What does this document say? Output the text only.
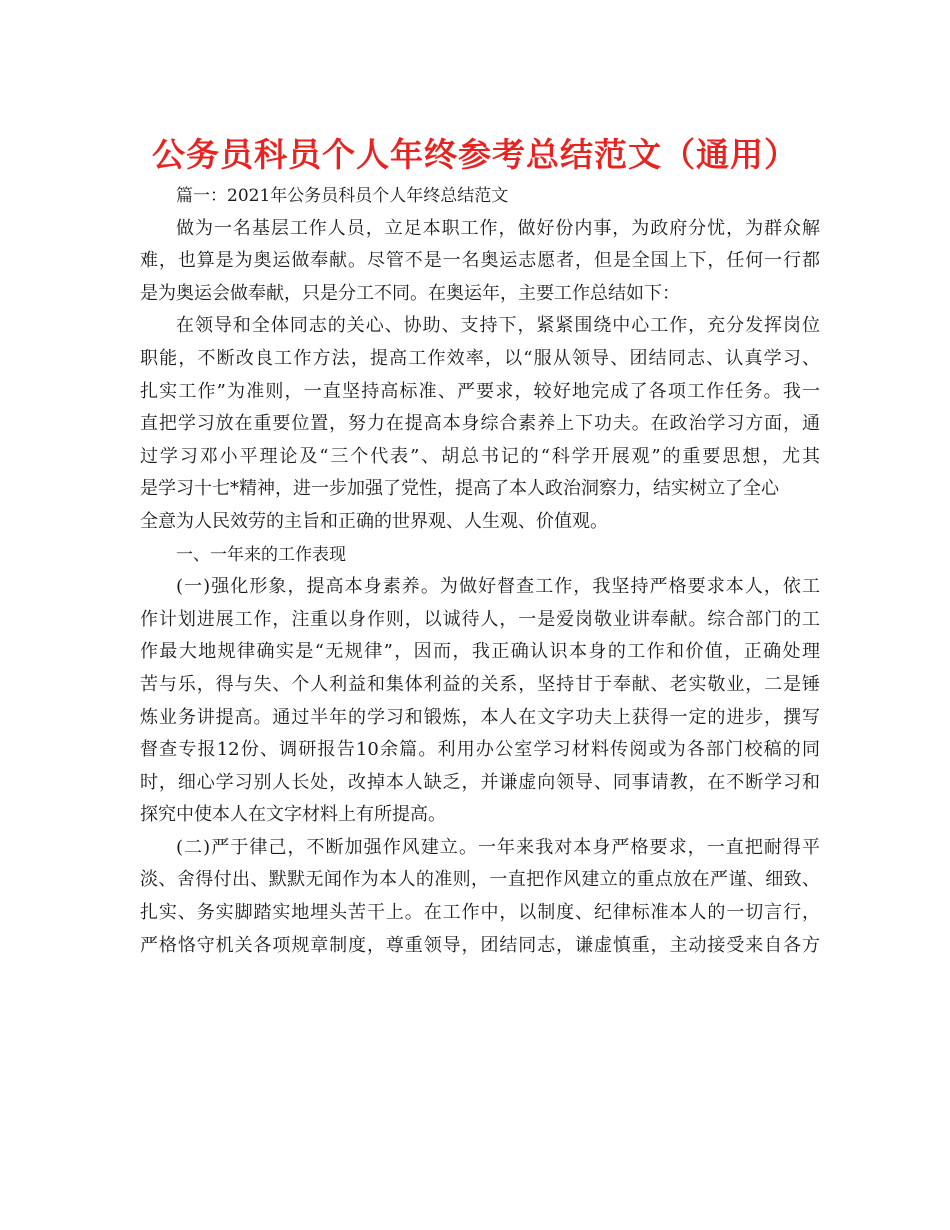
公务员科员个人年终参考总结范文（通用）

篇一：2021年公务员科员个人年终总结范文

做为一名基层工作人员，立足本职工作，做好份内事，为政府分忧，为群众解

难，也算是为奥运做奉献。尽管不是一名奥运志愿者，但是全国上下，任何一行都

是为奥运会做奉献，只是分工不同。在奥运年，主要工作总结如下：

在领导和全体同志的关心、协助、支持下，紧紧围绕中心工作，充分发挥岗位

职能，不断改良工作方法，提高工作效率，以“服从领导、团结同志、认真学习、

扎实工作”为准则，一直坚持高标准、严要求，较好地完成了各项工作任务。我一

直把学习放在重要位置，努力在提高本身综合素养上下功夫。在政治学习方面，通

过学习邓小平理论及“三个代表”、胡总书记的“科学开展观”的重要思想，尤其

是学习十七*精神，进一步加强了党性，提高了本人政治洞察力，结实树立了全心

全意为人民效劳的主旨和正确的世界观、人生观、价值观。

一、一年来的工作表现

(一)强化形象，提高本身素养。为做好督查工作，我坚持严格要求本人，依工

作计划进展工作，注重以身作则，以诚待人，一是爱岗敬业讲奉献。综合部门的工

作最大地规律确实是“无规律”，因而，我正确认识本身的工作和价值，正确处理

苦与乐，得与失、个人利益和集体利益的关系，坚持甘于奉献、老实敬业，二是锤

炼业务讲提高。通过半年的学习和锻炼，本人在文字功夫上获得一定的进步，撰写

督查专报12份、调研报告10余篇。利用办公室学习材料传阅或为各部门校稿的同

时，细心学习别人长处，改掉本人缺乏，并谦虚向领导、同事请教，在不断学习和

探究中使本人在文字材料上有所提高。

(二)严于律己，不断加强作风建立。一年来我对本身严格要求，一直把耐得平

淡、舍得付出、默默无闻作为本人的准则，一直把作风建立的重点放在严谨、细致、

扎实、务实脚踏实地埋头苦干上。在工作中，以制度、纪律标准本人的一切言行，

严格恪守机关各项规章制度，尊重领导，团结同志，谦虚慎重，主动接受来自各方
